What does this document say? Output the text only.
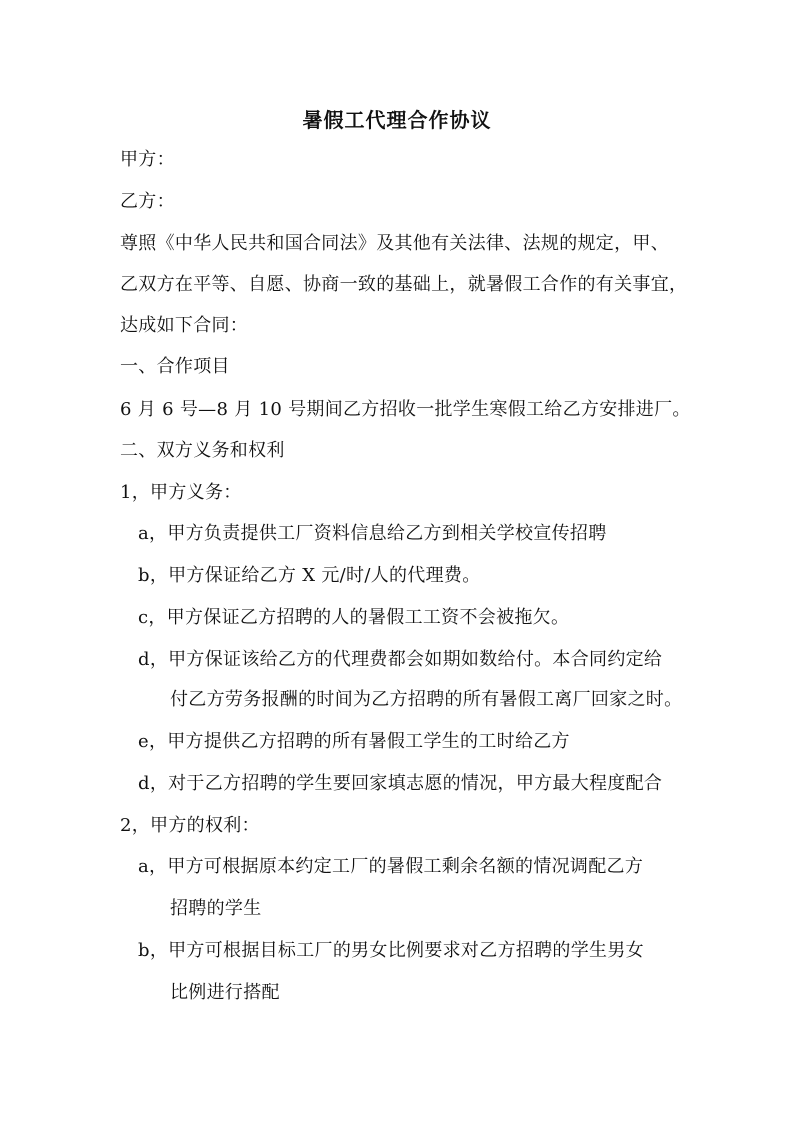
暑假工代理合作协议
甲方：
乙方：
尊照《中华人民共和国合同法》及其他有关法律、法规的规定，甲、
乙双方在平等、自愿、协商一致的基础上，就暑假工合作的有关事宜，
达成如下合同：
一、合作项目
6 月 6 号—8 月 10 号期间乙方招收一批学生寒假工给乙方安排进厂。
二、双方义务和权利
1，甲方义务：
a，甲方负责提供工厂资料信息给乙方到相关学校宣传招聘
b，甲方保证给乙方 X 元/时/人的代理费。
c，甲方保证乙方招聘的人的暑假工工资不会被拖欠。
d，甲方保证该给乙方的代理费都会如期如数给付。本合同约定给
付乙方劳务报酬的时间为乙方招聘的所有暑假工离厂回家之时。
e，甲方提供乙方招聘的所有暑假工学生的工时给乙方
d，对于乙方招聘的学生要回家填志愿的情况，甲方最大程度配合
2，甲方的权利：
a，甲方可根据原本约定工厂的暑假工剩余名额的情况调配乙方
招聘的学生
b，甲方可根据目标工厂的男女比例要求对乙方招聘的学生男女
比例进行搭配
